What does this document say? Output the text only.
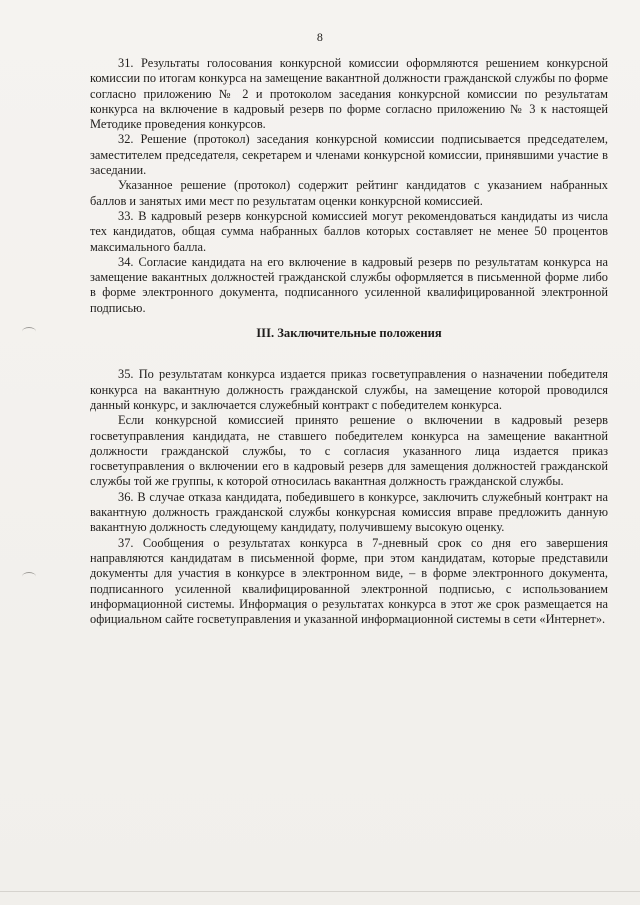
8

31. Результаты голосования конкурсной комиссии оформляются решением конкурсной комиссии по итогам конкурса на замещение вакантной должности гражданской службы по форме согласно приложению № 2 и протоколом заседания конкурсной комиссии по результатам конкурса на включение в кадровый резерв по форме согласно приложению № 3 к настоящей Методике проведения конкурсов.

32. Решение (протокол) заседания конкурсной комиссии подписывается председателем, заместителем председателя, секретарем и членами конкурсной комиссии, принявшими участие в заседании.

Указанное решение (протокол) содержит рейтинг кандидатов с указанием набранных баллов и занятых ими мест по результатам оценки конкурсной комиссией.

33. В кадровый резерв конкурсной комиссией могут рекомендоваться кандидаты из числа тех кандидатов, общая сумма набранных баллов которых составляет не менее 50 процентов максимального балла.

34. Согласие кандидата на его включение в кадровый резерв по результатам конкурса на замещение вакантных должностей гражданской службы оформляется в письменной форме либо в форме электронного документа, подписанного усиленной квалифицированной электронной подписью.

III. Заключительные положения

35. По результатам конкурса издается приказ госветуправления о назначении победителя конкурса на вакантную должность гражданской службы, на замещение которой проводился данный конкурс, и заключается служебный контракт с победителем конкурса.

Если конкурсной комиссией принято решение о включении в кадровый резерв госветуправления кандидата, не ставшего победителем конкурса на замещение вакантной должности гражданской службы, то с согласия указанного лица издается приказ госветуправления о включении его в кадровый резерв для замещения должностей гражданской службы той же группы, к которой относилась вакантная должность гражданской службы.

36. В случае отказа кандидата, победившего в конкурсе, заключить служебный контракт на вакантную должность гражданской службы конкурсная комиссия вправе предложить данную вакантную должность следующему кандидату, получившему высокую оценку.

37. Сообщения о результатах конкурса в 7-дневный срок со дня его завершения направляются кандидатам в письменной форме, при этом кандидатам, которые представили документы для участия в конкурсе в электронном виде, – в форме электронного документа, подписанного усиленной квалифицированной электронной подписью, с использованием информационной системы. Информация о результатах конкурса в этот же срок размещается на официальном сайте госветуправления и указанной информационной системы в сети «Интернет».
